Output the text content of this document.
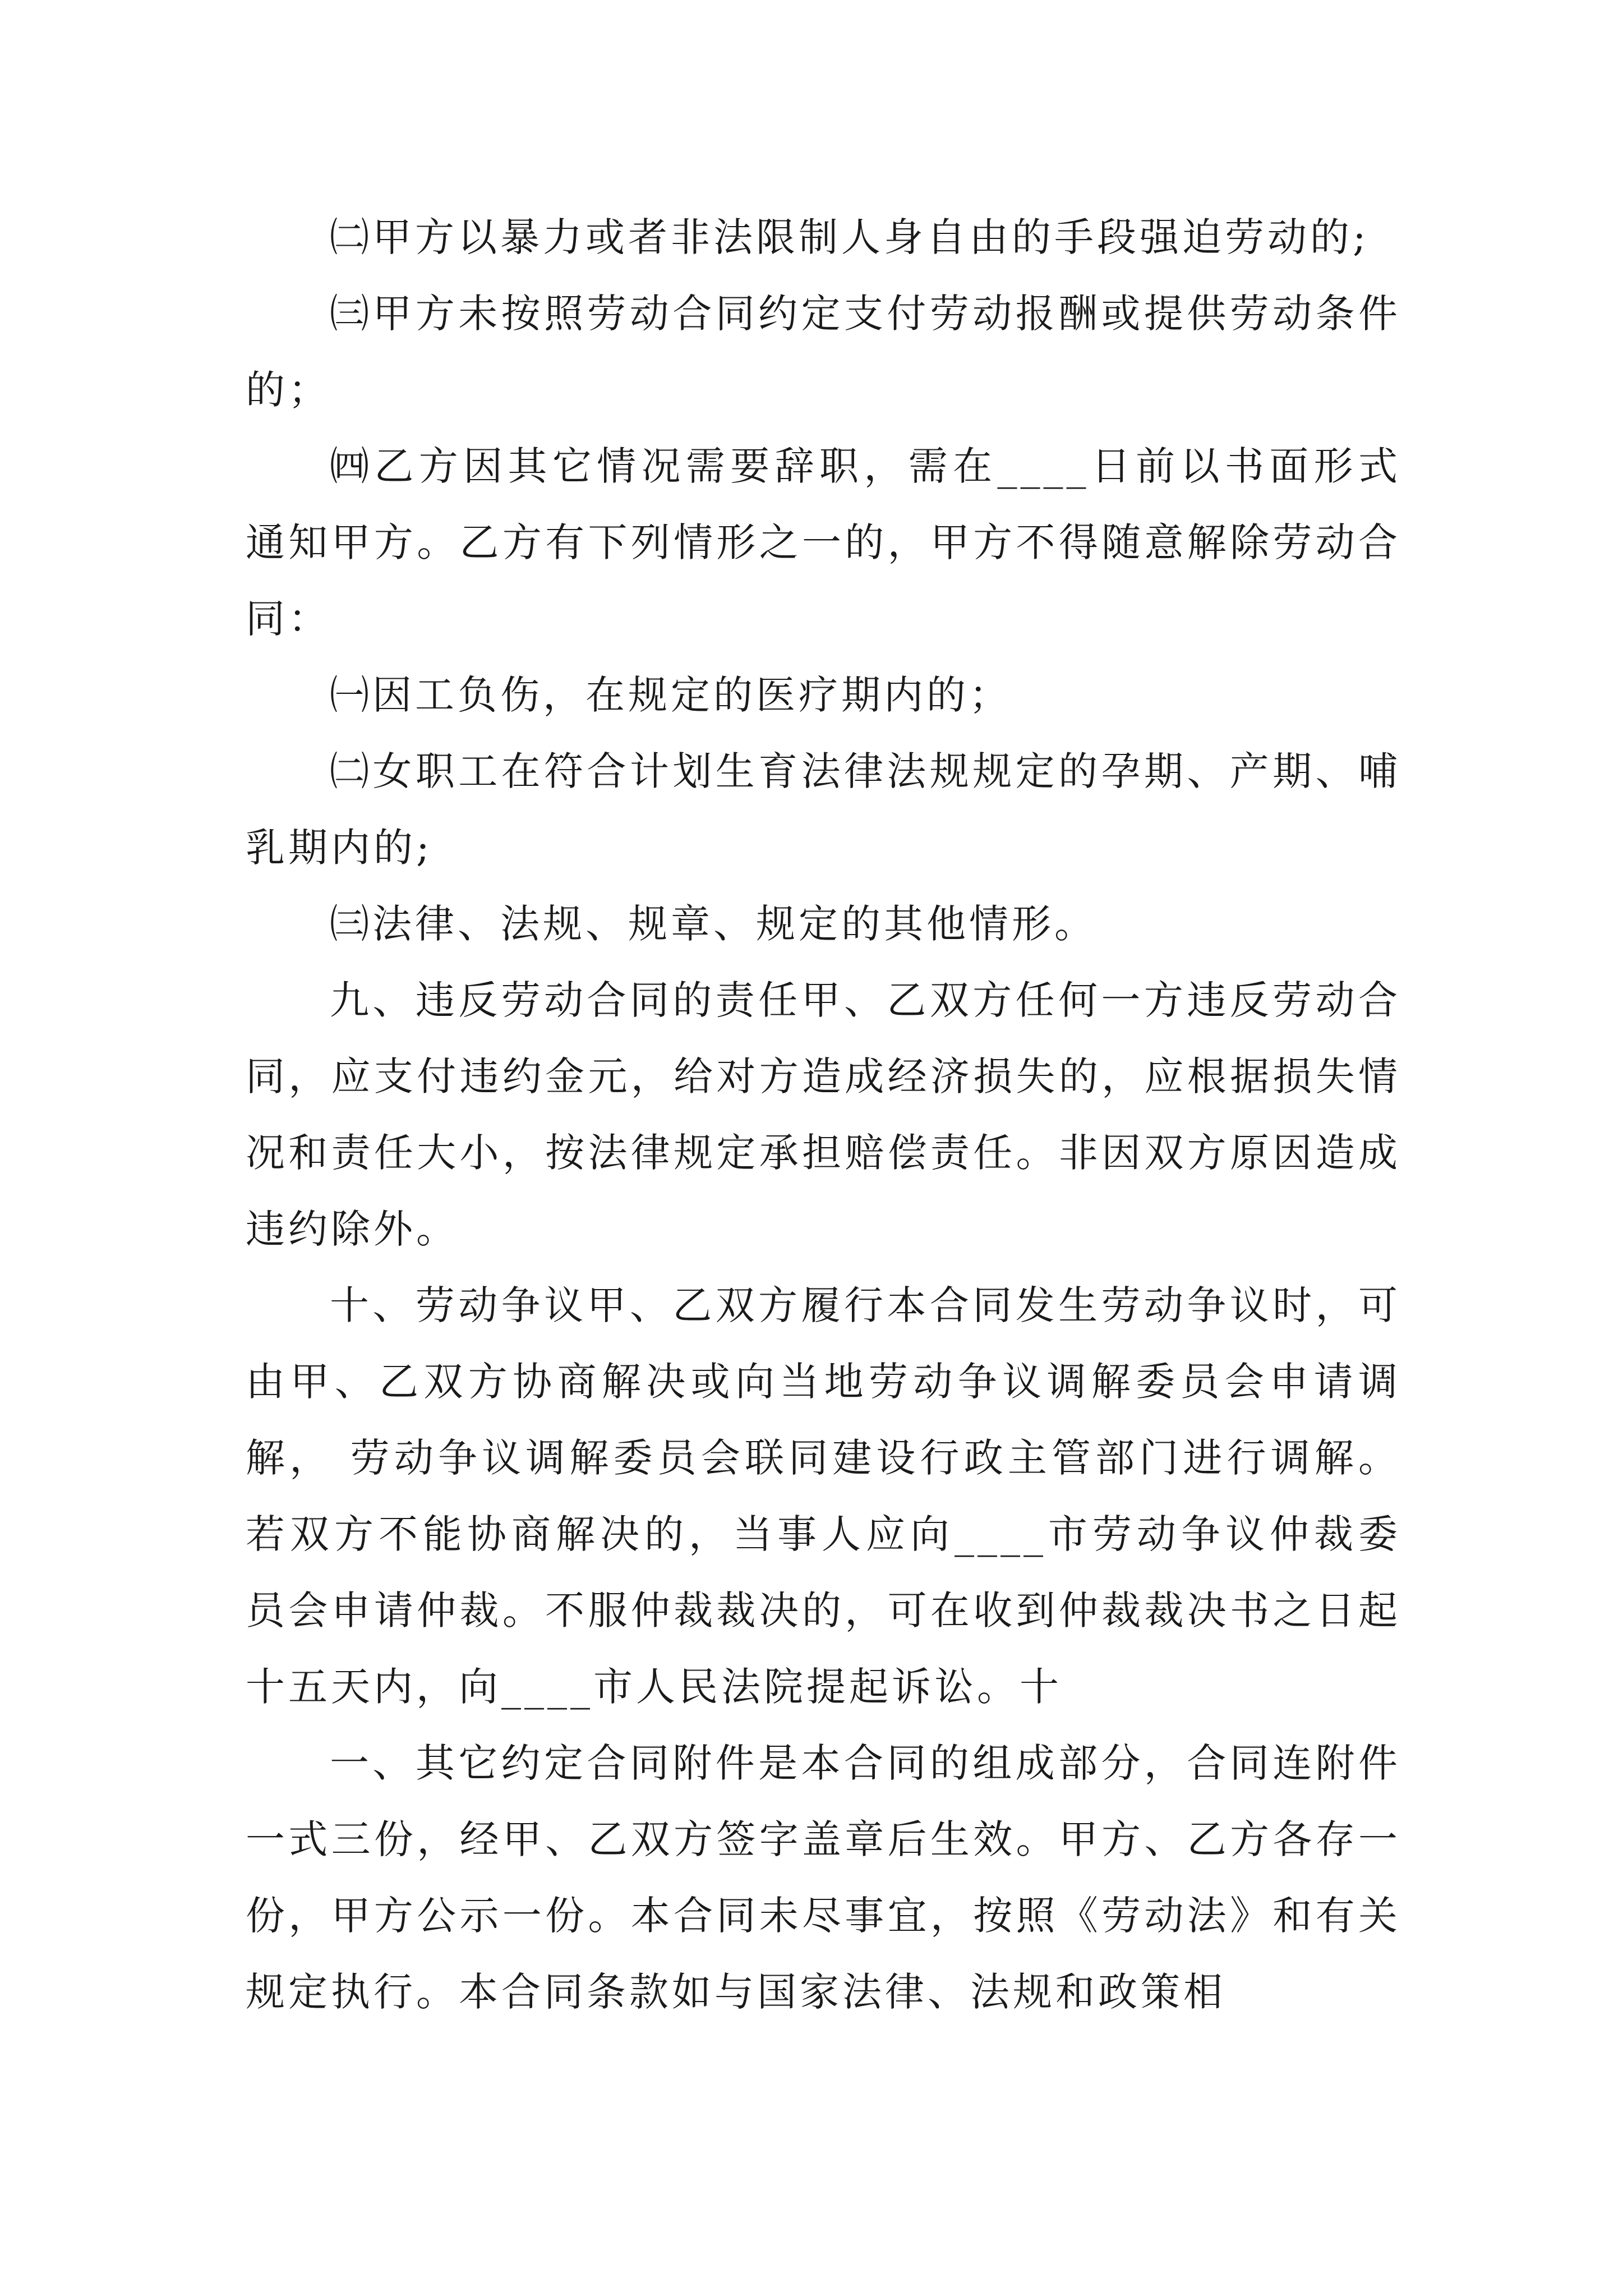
㈡甲方以暴力或者非法限制人身自由的手段强迫劳动的;

㈢甲方未按照劳动合同约定支付劳动报酬或提供劳动条件的；

㈣乙方因其它情况需要辞职，需在____日前以书面形式通知甲方。乙方有下列情形之一的，甲方不得随意解除劳动合同：

㈠因工负伤，在规定的医疗期内的；

㈡女职工在符合计划生育法律法规规定的孕期、产期、哺乳期内的;

㈢法律、法规、规章、规定的其他情形。

九、违反劳动合同的责任甲、乙双方任何一方违反劳动合同，应支付违约金元，给对方造成经济损失的，应根据损失情况和责任大小，按法律规定承担赔偿责任。非因双方原因造成违约除外。

十、劳动争议甲、乙双方履行本合同发生劳动争议时，可由甲、乙双方协商解决或向当地劳动争议调解委员会申请调解， 劳动争议调解委员会联同建设行政主管部门进行调解。若双方不能协商解决的，当事人应向____市劳动争议仲裁委员会申请仲裁。不服仲裁裁决的，可在收到仲裁裁决书之日起十五天内，向____市人民法院提起诉讼。十

一、其它约定合同附件是本合同的组成部分，合同连附件一式三份，经甲、乙双方签字盖章后生效。甲方、乙方各存一份，甲方公示一份。本合同未尽事宜，按照《劳动法》和有关规定执行。本合同条款如与国家法律、法规和政策相
